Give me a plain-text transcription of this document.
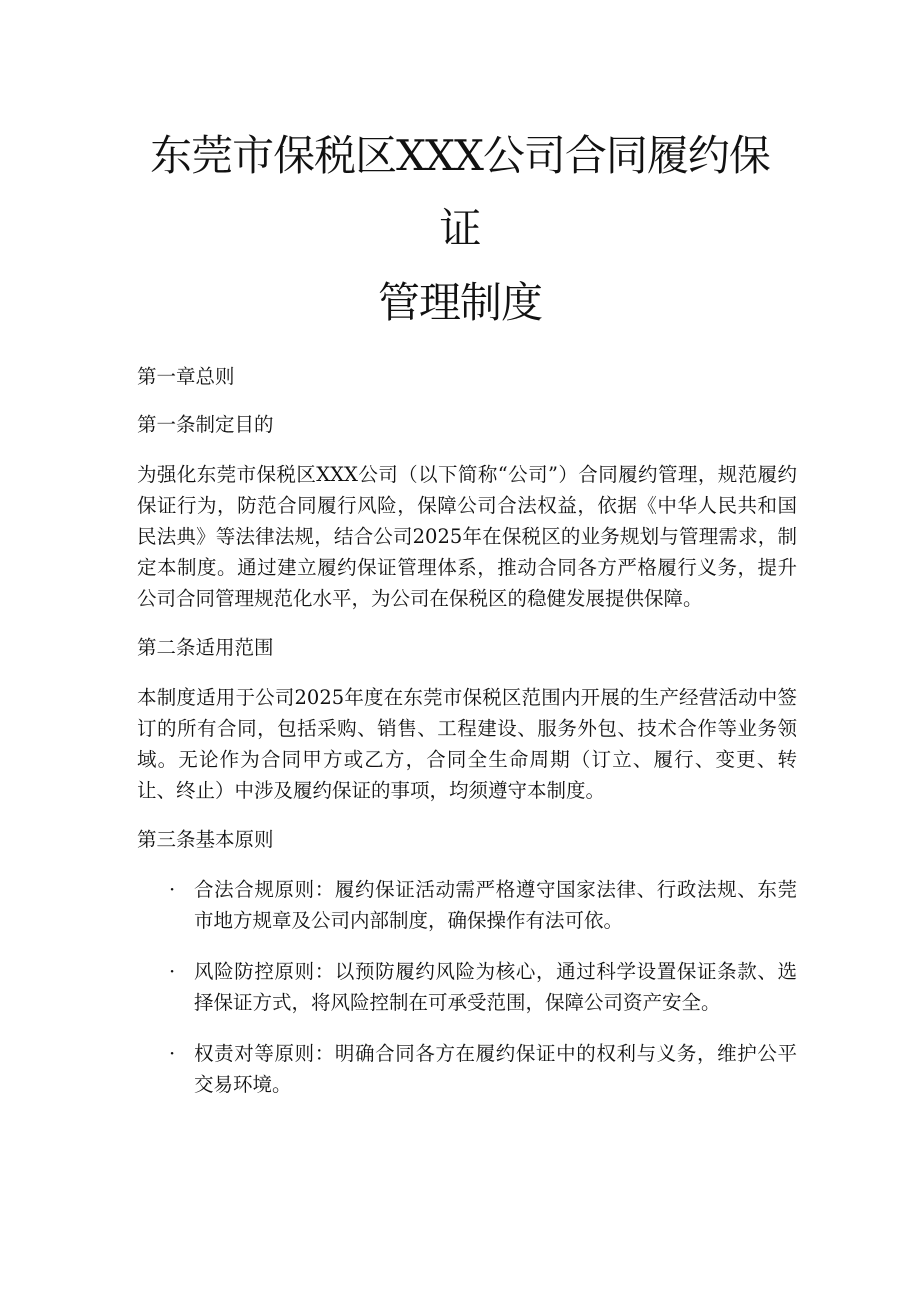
东莞市保税区XXX公司合同履约保
证
管理制度

第一章总则

第一条制定目的

为强化东莞市保税区XXX公司（以下简称“公司”）合同履约管理，规范履约保证行为，防范合同履行风险，保障公司合法权益，依据《中华人民共和国民法典》等法律法规，结合公司2025年在保税区的业务规划与管理需求，制定本制度。通过建立履约保证管理体系，推动合同各方严格履行义务，提升公司合同管理规范化水平，为公司在保税区的稳健发展提供保障。

第二条适用范围

本制度适用于公司2025年度在东莞市保税区范围内开展的生产经营活动中签订的所有合同，包括采购、销售、工程建设、服务外包、技术合作等业务领域。无论作为合同甲方或乙方，合同全生命周期（订立、履行、变更、转让、终止）中涉及履约保证的事项，均须遵守本制度。

第三条基本原则

· 合法合规原则：履约保证活动需严格遵守国家法律、行政法规、东莞市地方规章及公司内部制度，确保操作有法可依。
· 风险防控原则：以预防履约风险为核心，通过科学设置保证条款、选择保证方式，将风险控制在可承受范围，保障公司资产安全。
· 权责对等原则：明确合同各方在履约保证中的权利与义务，维护公平交易环境。
